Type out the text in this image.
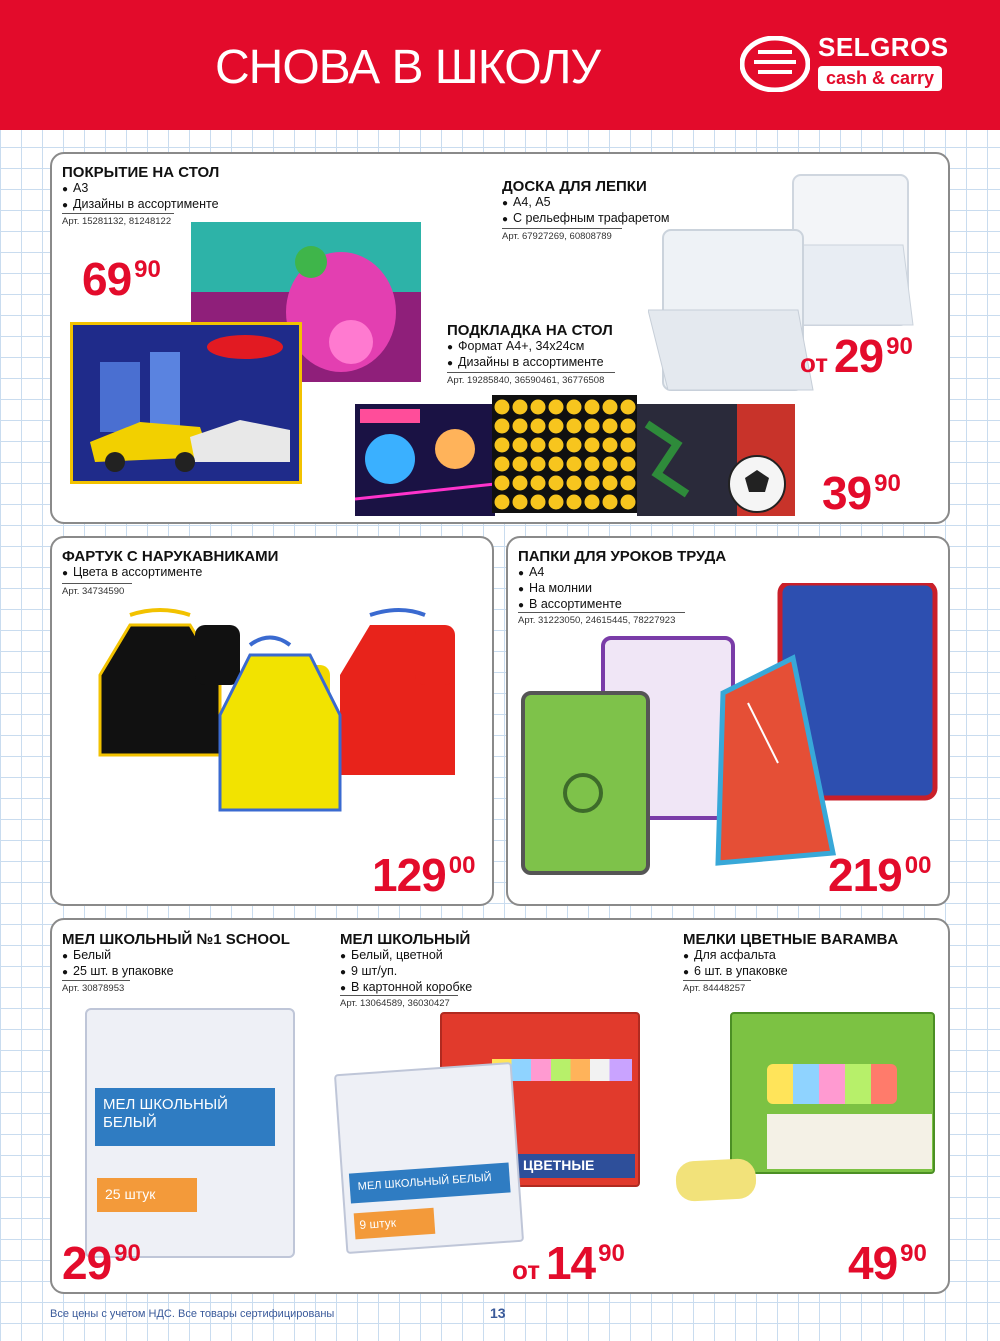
СНОВА В ШКОЛУ	SELGROS
cash & carry
ПОКРЫТИЕ НА СТОЛ
● А3
● Дизайны в ассортименте
Арт. 15281132, 81248122
69 90
ДОСКА ДЛЯ ЛЕПКИ
● А4, А5
● С рельефным трафаретом
Арт. 67927269, 60808789
от 29 90
ПОДКЛАДКА НА СТОЛ
● Формат А4+, 34х24см
● Дизайны в ассортименте
Арт. 19285840, 36590461, 36776508
39 90
ФАРТУК С НАРУКАВНИКАМИ
● Цвета в ассортименте
Арт. 34734590
129 00
ПАПКИ ДЛЯ УРОКОВ ТРУДА
● А4
● На молнии
● В ассортименте
Арт. 31223050, 24615445, 78227923
219 00
МЕЛ ШКОЛЬНЫЙ №1 SCHOOL
● Белый
● 25 шт. в упаковке
Арт. 30878953
МЕЛ ШКОЛЬНЫЙ БЕЛЫЙ
25 штук
29 90
МЕЛ ШКОЛЬНЫЙ
● Белый, цветной
● 9 шт/уп.
● В картонной коробке
Арт. 13064589, 36030427
ЦВЕТНЫЕ
МЕЛ ШКОЛЬНЫЙ БЕЛЫЙ
9 штук
от 14 90
МЕЛКИ ЦВЕТНЫЕ BARAMBA
● Для асфальта
● 6 шт. в упаковке
Арт. 84448257
49 90
Все цены с учетом НДС. Все товары сертифицированы	13
